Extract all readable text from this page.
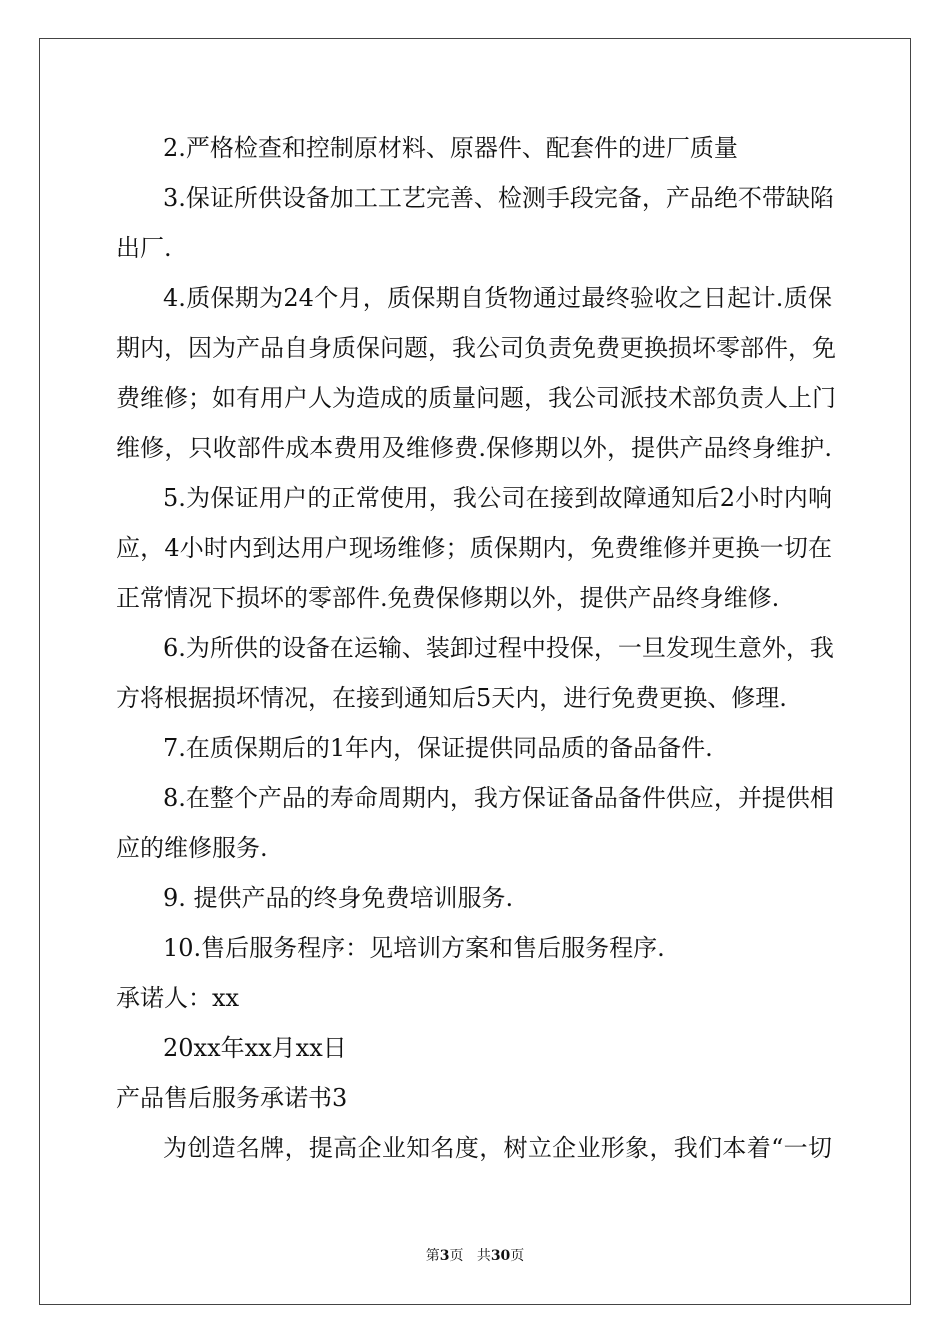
2.严格检查和控制原材料、原器件、配套件的进厂质量
3.保证所供设备加工工艺完善、检测手段完备，产品绝不带缺陷
出厂.
4.质保期为24个月，质保期自货物通过最终验收之日起计.质保
期内，因为产品自身质保问题，我公司负责免费更换损坏零部件，免
费维修；如有用户人为造成的质量问题，我公司派技术部负责人上门
维修，只收部件成本费用及维修费.保修期以外，提供产品终身维护.
5.为保证用户的正常使用，我公司在接到故障通知后2小时内响
应，4小时内到达用户现场维修；质保期内，免费维修并更换一切在
正常情况下损坏的零部件.免费保修期以外，提供产品终身维修.
6.为所供的设备在运输、装卸过程中投保，一旦发现生意外，我
方将根据损坏情况，在接到通知后5天内，进行免费更换、修理.
7.在质保期后的1年内，保证提供同品质的备品备件.
8.在整个产品的寿命周期内，我方保证备品备件供应，并提供相
应的维修服务.
9. 提供产品的终身免费培训服务.
10.售后服务程序：见培训方案和售后服务程序.
承诺人：xx
20xx年xx月xx日
产品售后服务承诺书3
为创造名牌，提高企业知名度，树立企业形象，我们本着“一切
第3页 共30页
